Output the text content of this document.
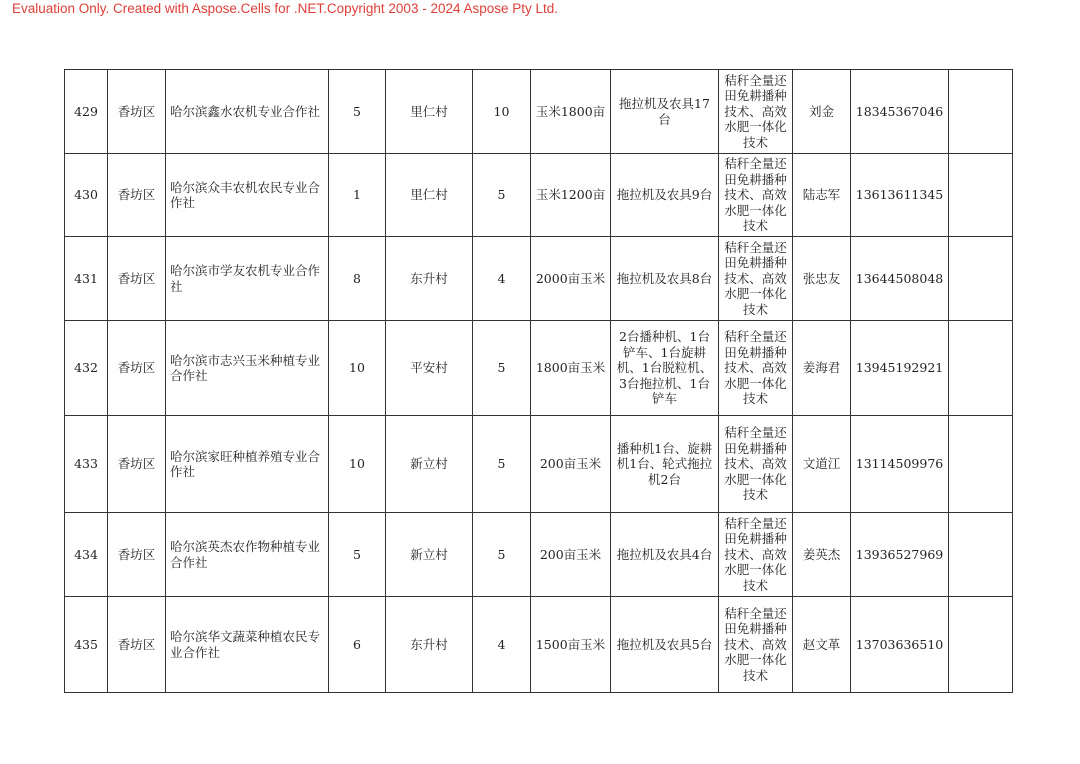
Evaluation Only. Created with Aspose.Cells for .NET.Copyright 2003 - 2024 Aspose Pty Ltd.
429	香坊区	哈尔滨鑫水农机专业合作社	5	里仁村	10	玉米1800亩	拖拉机及农具17台	秸秆全量还田免耕播种技术、高效水肥一体化技术	刘金	18345367046	
430	香坊区	哈尔滨众丰农机农民专业合作社	1	里仁村	5	玉米1200亩	拖拉机及农具9台	秸秆全量还田免耕播种技术、高效水肥一体化技术	陆志军	13613611345	
431	香坊区	哈尔滨市学友农机专业合作社	8	东升村	4	2000亩玉米	拖拉机及农具8台	秸秆全量还田免耕播种技术、高效水肥一体化技术	张忠友	13644508048	
432	香坊区	哈尔滨市志兴玉米种植专业合作社	10	平安村	5	1800亩玉米	2台播种机、1台铲车、1台旋耕机、1台脱粒机、3台拖拉机、1台铲车	秸秆全量还田免耕播种技术、高效水肥一体化技术	姜海君	13945192921	
433	香坊区	哈尔滨家旺种植养殖专业合作社	10	新立村	5	200亩玉米	播种机1台、旋耕机1台、轮式拖拉机2台	秸秆全量还田免耕播种技术、高效水肥一体化技术	文道江	13114509976	
434	香坊区	哈尔滨英杰农作物种植专业合作社	5	新立村	5	200亩玉米	拖拉机及农具4台	秸秆全量还田免耕播种技术、高效水肥一体化技术	姜英杰	13936527969	
435	香坊区	哈尔滨华文蔬菜种植农民专业合作社	6	东升村	4	1500亩玉米	拖拉机及农具5台	秸秆全量还田免耕播种技术、高效水肥一体化技术	赵文革	13703636510	
